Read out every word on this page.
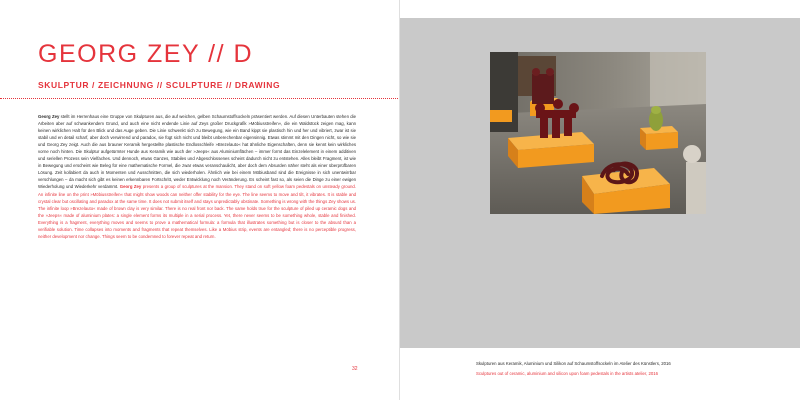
GEORG ZEY // D
SKULPTUR / ZEICHNUNG // SCULPTURE // DRAWING

Georg Zey stellt im Herrenhaus eine Gruppe von Skulpturen aus, die auf weichen, gelben Schaumstoffsockeln präsentiert werden. Auf diesen Unterbauten stehen die Arbeiten aber auf schwankendem Grund, und auch eine nicht endende Linie auf Zeys großer Druckgrafik »Möbiusstreifen«, die ein Waldstück zeigen mag, kann keinen wirklichen Halt für den Blick und das Auge geben. Die Linie schwenkt sich zu Bewegung, wie ein Band kippt sie plastisch hin und her und vibriert, zwar ist sie stabil und en detail scharf, aber doch verwirrend und paradox, sie fügt sich nicht und bleibt unberechenbar eigensinnig. Etwas stimmt mit den Dingen nicht, so wie sie und Georg Zey zeigt. Auch die aus brauner Keramik hergestellte plastische Endlosschleife »Brezelauto« hat ähnliche Eigenschaften, denn sie kennt kein wirkliches vorne noch hinten. Die Skulptur aufgetürmter Hunde aus Keramik wie auch der »Jeeps« aus Aluminiumflächen – immer formt das Einzelelement in einem additiven und seriellen Prozess sein Vielfaches. Und dennoch, etwas Ganzes, Stabiles und Abgeschlossenes scheint dadurch nicht zu entstehen. Alles bleibt Fragment, ist wie in Bewegung und erscheint wie Beleg für eine mathematische Formel, die zwar etwas veranschaulicht, aber doch dem Absurden näher steht als einer überprüfbaren Lösung. Zeit kollabiert da auch in Momenten und Ausschnitten, die sich wiederholen. Ähnlich wie bei einem Möbiusband sind die Ereignisse in sich unentwirrbar verschlungen – da macht sich gibt es keinen erkennbaren Fortschritt, weder Entwicklung noch Veränderung. Es scheint fast so, als seien die Dinge zu einer ewigen Wiederholung und Wiederkehr verdammt. Georg Zey presents a group of sculptures at the mansion. They stand on soft yellow foam pedestals on unsteady ground. An infinite line on the print »Möbiusstreifen« that might show woods can neither offer stability for the eye. The line seems to move and tilt, it vibrates. It is stable and crystal clear but oscillating and paradox at the same time. It does not submit itself and stays unpredictably obstinate. Something is wrong with the things Zey shows us. The infinite loop »Brezelauto« made of brown clay is very similar. There is no real front nor back. The same holds true for the sculpture of piled up ceramic dogs and the »Jeeps« made of aluminium plates: a single element forms its multiple in a serial process. Yet, there never seems to be something whole, stable and finished. Everything is a fragment, everything moves and seems to prove a mathematical formula: a formula that illustrates something but is closer to the absurd than a verifiable solution. Time collapses into moments and fragments that repeat themselves. Like a Möbius strip, events are entangled; there is no perceptible progress, neither development nor change. Things seem to be condemned to forever repeat and return.

32

Skulpturen aus Keramik, Aluminium und Silikon auf Schaumstoffsockeln im Atelier des Künstlers, 2016

Sculptures out of ceramic, aluminium and silicon upon foam pedestals in the artists atelier, 2016
